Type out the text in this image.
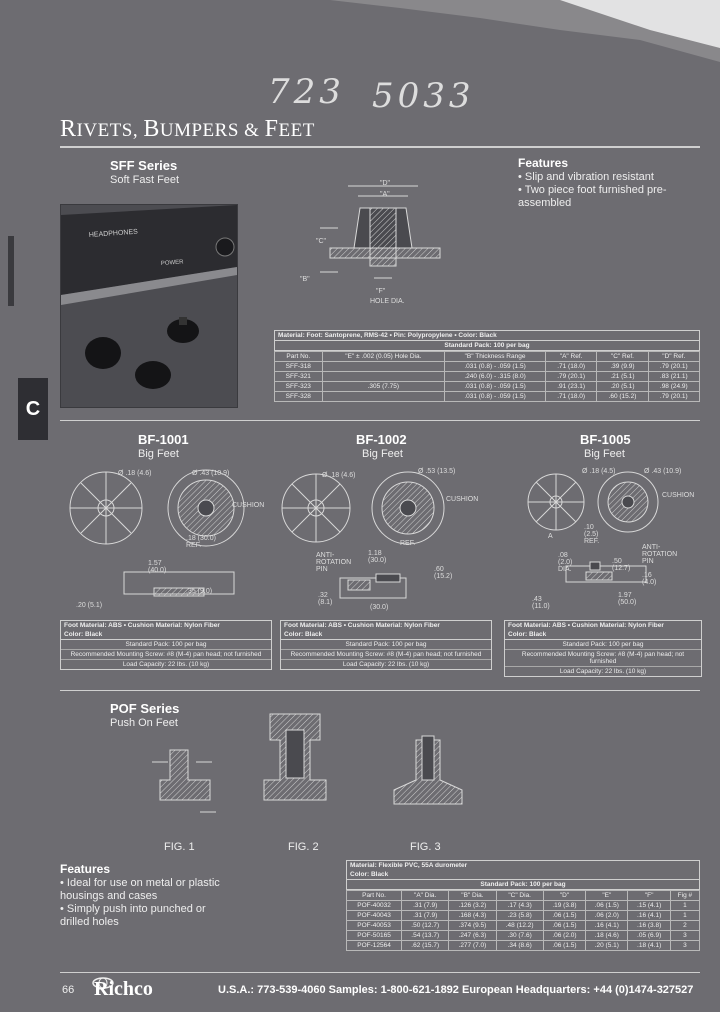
723 5033
RIVETS, BUMPERS & FEET
C
SFF Series
Soft Fast Feet
HEADPHONES
POWER
Features
• Slip and vibration resistant
• Two piece foot furnished pre-
assembled
"D"
"A"
"C"
"B"
"F"
HOLE DIA.
Material: Foot: Santoprene, RMS-42 • Pin: Polypropylene • Color: Black
Standard Pack: 100 per bag
Part No.	"E" ± .002 (0.05) Hole Dia.	"B" Thickness Range	"A" Ref.	"C" Ref.	"D" Ref.
SFF-318		.031 (0.8) - .059 (1.5)	.71 (18.0)	.39 (9.9)	.79 (20.1)
SFF-321		.240 (6.0) - .315 (8.0)	.79 (20.1)	.21 (5.1)	.83 (21.1)
SFF-323	.305 (7.75)	.031 (0.8) - .059 (1.5)	.91 (23.1)	.20 (5.1)	.98 (24.9)
SFF-328		.031 (0.8) - .059 (1.5)	.71 (18.0)	.60 (15.2)	.79 (20.1)
BF-1001
Big Feet
BF-1002
Big Feet
BF-1005
Big Feet
Ø .18 (4.6)	Ø .43 (10.9)
CUSHION
.18 (30.0) REF.
1.57 (40.0)
.35 (9.0)
.20 (5.1)
Ø .18 (4.6)
Ø .53 (13.5)
CUSHION
REF.
ANTI-ROTATION PIN
1.18 (30.0)
.60 (15.2)
.32 (8.1)
(30.0)
Ø .18 (4.5)	Ø .43 (10.9)
CUSHION
A
.10 (2.5) REF.
ANTI-ROTATION PIN
.08 (2.0) DIA.
.50 (12.7)
.16 (4.0)
1.97 (50.0)
.43 (11.0)
Foot Material: ABS • Cushion Material: Nylon Fiber
Color: Black
Standard Pack: 100 per bag
Recommended Mounting Screw: #8 (M-4) pan head; not furnished
Load Capacity: 22 lbs. (10 kg)
Foot Material: ABS • Cushion Material: Nylon Fiber
Color: Black
Standard Pack: 100 per bag
Recommended Mounting Screw: #8 (M-4) pan head; not furnished
Load Capacity: 22 lbs. (10 kg)
Foot Material: ABS • Cushion Material: Nylon Fiber
Color: Black
Standard Pack: 100 per bag
Recommended Mounting Screw: #8 (M-4) pan head; not furnished
Load Capacity: 22 lbs. (10 kg)
POF Series
Push On Feet
FIG. 1	FIG. 2	FIG. 3
Features
• Ideal for use on metal or plastic
housings and cases
• Simply push into punched or
drilled holes
Material: Flexible PVC, 55A durometer
Color: Black
Standard Pack: 100 per bag
Part No.	"A" Dia.	"B" Dia.	"C" Dia.	"D"	"E"	"F"	Fig #
POF-40032	.31 (7.9)	.126 (3.2)	.17 (4.3)	.19 (3.8)	.06 (1.5)	.15 (4.1)	1
POF-40043	.31 (7.9)	.168 (4.3)	.23 (5.8)	.06 (1.5)	.06 (2.0)	.16 (4.1)	1
POF-40053	.50 (12.7)	.374 (9.5)	.48 (12.2)	.06 (1.5)	.16 (4.1)	.16 (3.8)	2
POF-50165	.54 (13.7)	.247 (6.3)	.30 (7.6)	.06 (2.0)	.18 (4.6)	.05 (6.9)	3
POF-12564	.62 (15.7)	.277 (7.0)	.34 (8.6)	.06 (1.5)	.20 (5.1)	.18 (4.1)	3
66 Richco	U.S.A.: 773-539-4060 Samples: 1-800-621-1892 European Headquarters: +44 (0)1474-327527
